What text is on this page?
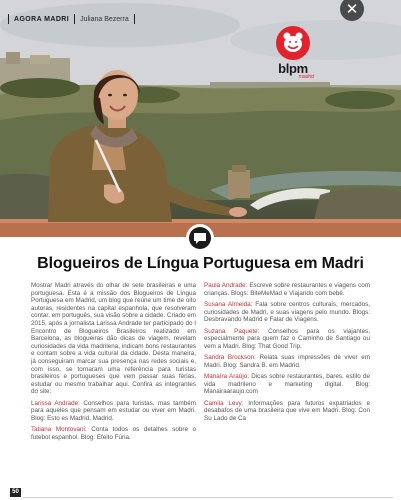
AGORA MADRI Juliana Bezerra
blpm
madrid
✕
Blogueiros de Língua Portuguesa em Madri

Mostrar Madri através do olhar de sete brasileiras e uma portuguesa. Esta é a missão dos Blogueiros de Língua Portuguesa em Madrid, um blog que reúne um time de oito autoras, residentes na capital espanhola, que resolveram contar, em português, sua visão sobre a cidade. Criado em 2015, após a jornalista Larissa Andrade ter participado do I Encontro de Blogueiros Brasileiros realizado em Barcelona, as blogueiras dão dicas de viagem, revelam curiosidades da vida madrilena, indicam bons restaurantes e contam sobre a vida cultural da cidade. Desta maneira, já conseguiram marcar sua presença nas redes sociais e, com isso, se tornaram uma referência para turistas brasileiros e portugueses que vem passar suas férias, estudar ou mesmo trabalhar aqui. Confira as integrantes do site:

Larissa Andrade: Conselhos para turistas, mas também para aqueles que pensam em estudar ou viver em Madri. Blog: Esto es Madrid, Madrid.

Tatiana Montovani: Conta todos os detalhes sobre o futebol espanhol. Blog: Efeito Fúria.

Paula Andrade: Escreve sobre restaurantes e viagens com crianças. Blogs: BiteMeMad e Viajando com bebê.

Susana Almeida: Fala sobre centros culturais, mercados, curiosidades de Madri, e suas viagens pelo mundo. Blogs: Desbravando Madrid e Falar de Viagens.

Suzana Paquete: Conselhos para os viajantes, especialmente para quem faz o Caminho de Santiago ou vem a Madri. Blog: That Good Trip.

Sandra Brockson: Relata suas impressões de viver em Madri. Blog: Sandra B. em Madrid.

Manaíra Araújo: Dicas sobre restaurantes, bares, estilo de vida madrileno e marketing digital. Blog: Manairaaraujo.com

Camila Levy: Informações para futuros expatriados e desabafos de uma brasileira que vive em Madri. Blog: Con Su Lado de Ca

50
